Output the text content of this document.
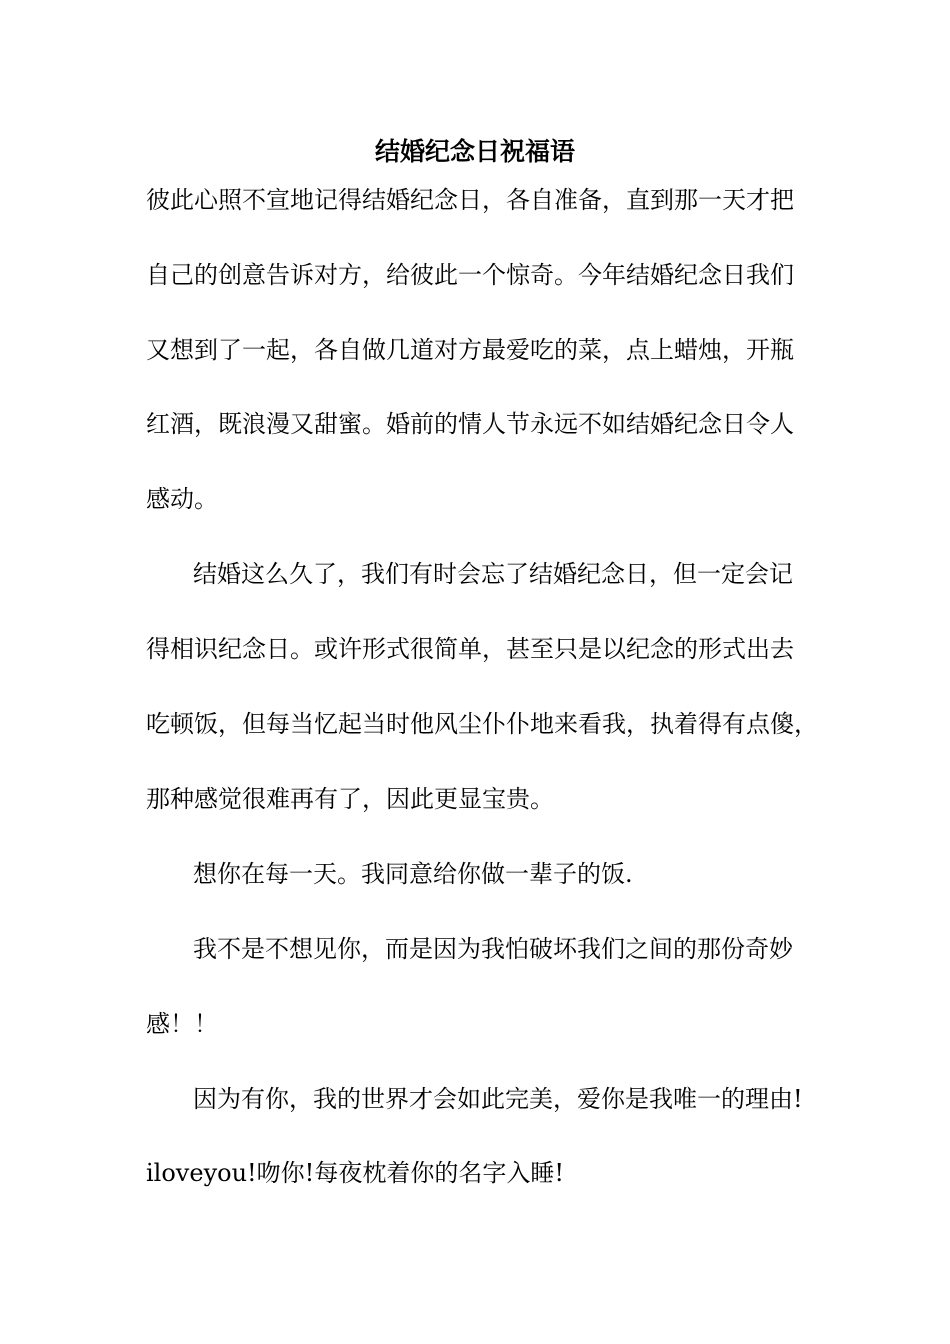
结婚纪念日祝福语
彼此心照不宣地记得结婚纪念日，各自准备，直到那一天才把
自己的创意告诉对方，给彼此一个惊奇。今年结婚纪念日我们
又想到了一起，各自做几道对方最爱吃的菜，点上蜡烛，开瓶
红酒，既浪漫又甜蜜。婚前的情人节永远不如结婚纪念日令人
感动。
结婚这么久了，我们有时会忘了结婚纪念日，但一定会记
得相识纪念日。或许形式很简单，甚至只是以纪念的形式出去
吃顿饭，但每当忆起当时他风尘仆仆地来看我，执着得有点傻，
那种感觉很难再有了，因此更显宝贵。
想你在每一天。我同意给你做一辈子的饭.
我不是不想见你，而是因为我怕破坏我们之间的那份奇妙
感！！
因为有你，我的世界才会如此完美，爱你是我唯一的理由!
iloveyou!吻你!每夜枕着你的名字入睡!
